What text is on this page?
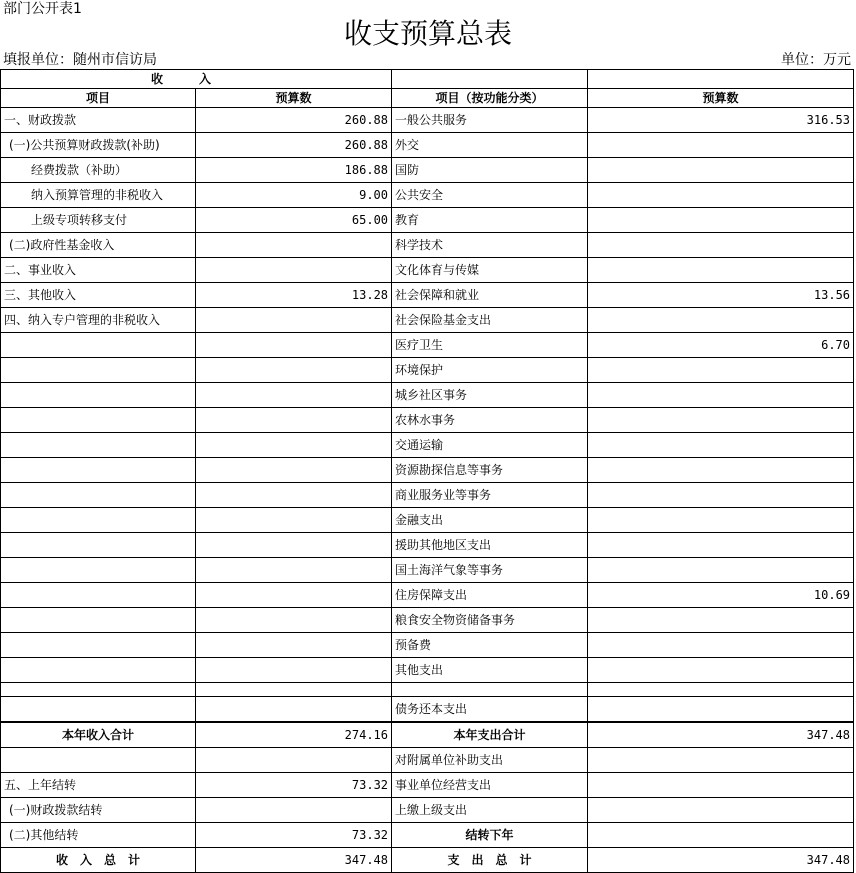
部门公开表1
收支预算总表
填报单位：随州市信访局	单位：万元
收　　　入			
项目	预算数	项目（按功能分类）	预算数
一、财政拨款	260.88	一般公共服务	316.53
(一)公共预算财政拨款(补助)	260.88	外交	
经费拨款（补助）	186.88	国防	
纳入预算管理的非税收入	9.00	公共安全	
上级专项转移支付	65.00	教育	
(二)政府性基金收入		科学技术	
二、事业收入		文化体育与传媒	
三、其他收入	13.28	社会保障和就业	13.56
四、纳入专户管理的非税收入		社会保险基金支出	
		医疗卫生	6.70
		环境保护	
		城乡社区事务	
		农林水事务	
		交通运输	
		资源勘探信息等事务	
		商业服务业等事务	
		金融支出	
		援助其他地区支出	
		国土海洋气象等事务	
		住房保障支出	10.69
		粮食安全物资储备事务	
		预备费	
		其他支出	

		债务还本支出	
本年收入合计	274.16	本年支出合计	347.48
		对附属单位补助支出	
五、上年结转	73.32	事业单位经营支出	
(一)财政拨款结转		上缴上级支出	
(二)其他结转	73.32	结转下年	
收　入　总　计	347.48	支　出　总　计	347.48
